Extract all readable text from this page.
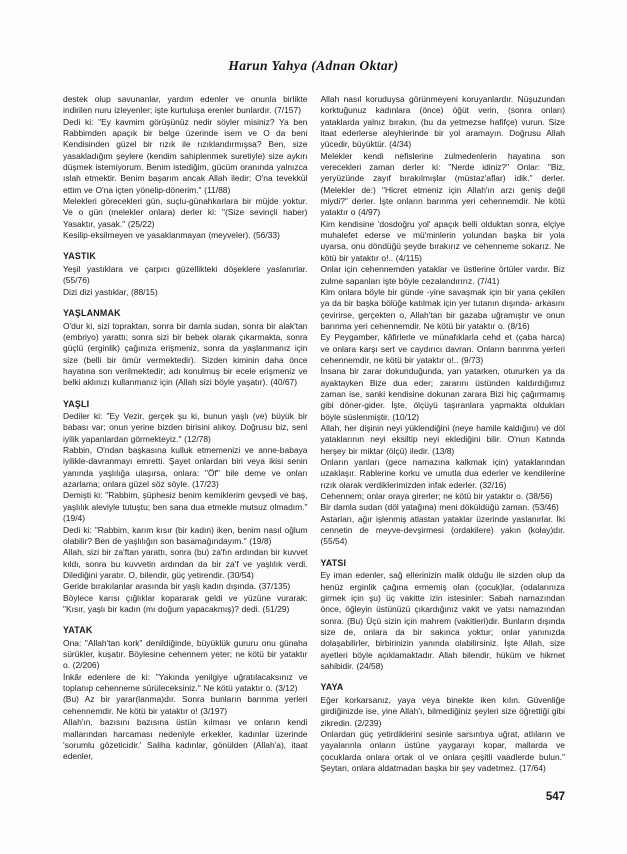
Harun Yahya (Adnan Oktar)

destek olup savunanlar, yardım edenler ve onunla birlikte indirilen nuru izleyenler; işte kurtuluşa erenler bunlardır. (7/157)

Dedi ki: "Ey kavmim görüşünüz nedir söyler misiniz? Ya ben Rabbimden apaçık bir belge üzerinde isem ve O da beni Kendisinden güzel bir rızık ile rızıklandırmışsa? Ben, size yasakladığım şeylere (kendim sahiplenmek suretiyle) size aykırı düşmek istemiyorum. Benim istediğim, gücüm oranında yalnızca ıslah etmektir. Benim başarım ancak Allah iledir; O'na tevekkül ettim ve O'na içten yönelip-dönerim." (11/88)

Melekleri görecekleri gün, suçlu-günahkarlara bir müjde yoktur. Ve o gün (melekler onlara) derler ki: "(Size sevinçli haber) Yasaktır, yasak." (25/22)

Kesilip-eksilmeyen ve yasaklanmayan (meyveler). (56/33)

YASTIK

Yeşil yastıklara ve çarpıcı güzellikteki döşeklere yaslanırlar. (55/76)

Dizi dizi yastıklar, (88/15)

YAŞLANMAK

O'dur ki, sizi topraktan, sonra bir damla sudan, sonra bir alak'tan (embriyo) yarattı; sonra sizi bir bebek olarak çıkarmakta, sonra güçlü (erginlik) çağınıza erişmeniz, sonra da yaşlanmanız için size (belli bir ömür vermektedir). Sizden kiminin daha önce hayatına son verilmektedir; adı konulmuş bir ecele erişmeniz ve belki aklınızı kullanmanız için (Allah sizi böyle yaşatır). (40/67)

YAŞLI

Dediler ki: "Ey Vezir, gerçek şu ki, bunun yaşlı (ve) büyük bir babası var; onun yerine bizden birisini alıkoy. Doğrusu biz, seni iyilik yapanlardan görmekteyiz." (12/78)

Rabbin, O'ndan başkasına kulluk etmemenizi ve anne-babaya iyilikle-davranmayı emretti. Şayet onlardan biri veya ikisi senin yanında yaşlılığa ulaşırsa, onlara: "Öf" bile deme ve onları azarlama; onlara güzel söz söyle. (17/23)

Demişti ki: "Rabbim, şüphesiz benim kemiklerim gevşedi ve baş, yaşlılık aleviyle tutuştu; ben sana dua etmekle mutsuz olmadım." (19/4)

Dedi ki: "Rabbim, karım kısır (bir kadın) iken, benim nasıl oğlum olabilir? Ben de yaşlılığın son basamağındayım." (19/8)

Allah, sizi bir za'ftan yarattı, sonra (bu) za'fın ardından bir kuvvet kıldı, sonra bu kuvvetin ardından da bir za'f ve yaşlılık verdi. Dilediğini yaratır. O, bilendir, güç yetirendir. (30/54)

Geride bırakılanlar arasında bir yaşlı kadın dışında. (37/135)

Böylece karısı çığlıklar kopararak geldi ve yüzüne vurarak: "Kısır, yaşlı bir kadın (mı doğum yapacakmış)? dedi. (51/29)

YATAK

Ona: "Allah'tan kork" denildiğinde, büyüklük gururu onu günaha sürükler, kuşatır. Böylesine cehennem yeter; ne kötü bir yataktır o. (2/206)

İnkâr edenlere de ki: "Yakında yenilgiye uğratılacaksınız ve toplanıp cehenneme sürüleceksiniz." Ne kötü yataktır o. (3/12)

(Bu) Az bir yarar(lanma)dır. Sonra bunların barınma yerleri cehennemdir. Ne kötü bir yataktır o! (3/197)

Allah'ın, bazısını bazısına üstün kılması ve onların kendi mallarından harcaması nedeniyle erkekler, kadınlar üzerinde 'sorumlu gözeticidir.' Saliha kadınlar, gönülden (Allah'a), itaat edenler,

Allah nasıl koruduysa görünmeyeni koruyanlardır. Nüşuzundan korktuğunuz kadınlara (önce) öğüt verin, (sonra onları) yataklarda yalnız bırakın, (bu da yetmezse hafifçe) vurun. Size itaat ederlerse aleyhlerinde bir yol aramayın. Doğrusu Allah yücedir, büyüktür. (4/34)

Melekler kendi nefislerine zulmedenlerin hayatına son verecekleri zaman derler ki: "Nerde idiniz?" Onlar: "Biz, yeryüzünde zayıf bırakılmışlar (müstaz'aflar) idik." derler. (Melekler de:) "Hicret etmeniz için Allah'ın arzı geniş değil miydi?" derler. İşte onların barınma yeri cehennemdir. Ne kötü yataktır o (4/97)

Kim kendisine 'dosdoğru yol' apaçık belli olduktan sonra, elçiye muhalefet ederse ve mü'minlerin yolundan başka bir yola uyarsa, onu döndüğü şeyde bırakırız ve cehenneme sokarız. Ne kötü bir yataktır o!.. (4/115)

Onlar için cehennemden yataklar ve üstlerine örtüler vardır. Biz zulme sapanları işte böyle cezalandırırız. (7/41)

Kim onlara böyle bir günde -yine savaşmak için bir yana çekilen ya da bir başka bölüğe katılmak için yer tutanın dışında- arkasını çevirirse, gerçekten o, Allah'tan bir gazaba uğramıştır ve onun barınma yeri cehennemdir. Ne kötü bir yataktır o. (8/16)

Ey Peygamber, kâfirlerle ve münafıklarla cehd et (çaba harca) ve onlara karşı sert ve caydırıcı davran. Onların barınma yerleri cehennemdir, ne kötü bir yataktır o!.. (9/73)

İnsana bir zarar dokunduğunda, yan yatarken, otururken ya da ayaktayken Bize dua eder; zararını üstünden kaldırdığımız zaman ise, sanki kendisine dokunan zarara Bizi hiç çağırmamış gibi döner-gider. İşte, ölçüyü taşıranlara yapmakta oldukları böyle süslenmiştir. (10/12)

Allah, her dişinin neyi yüklendiğini (neye hamile kaldığını) ve döl yataklarının neyi eksiltip neyi eklediğini bilir. O'nun Katında herşey bir miktar (ölçü) iledir. (13/8)

Onların yanları (gece namazına kalkmak için) yataklarından uzaklaşır. Rablerine korku ve umutla dua ederler ve kendilerine rızık olarak verdiklerimizden infak ederler. (32/16)

Cehennem; onlar oraya girerler; ne kötü bir yataktır o. (38/56)

Bir damla sudan (döl yatağına) meni döküldüğü zaman. (53/46)

Astarları, ağır işlenmiş atlastan yataklar üzerinde yaslanırlar. İki cennetin de meyve-devşirmesi (ordakilere) yakın (kolay)dır. (55/54)

YATSI

Ey iman edenler, sağ ellerinizin malik olduğu ile sizden olup da henüz erginlik çağına ermemiş olan (çocuk)lar, (odalarınıza girmek için şu) üç vakitte izin istesinler: Sabah namazından önce, öğleyin üstünüzü çıkardığınız vakit ve yatsı namazından sonra. (Bu) Üçü sizin için mahrem (vakitleri)dir. Bunların dışında size de, onlara da bir sakınca yoktur; onlar yanınızda dolaşabilirler, birbirinizin yanında olabilirsiniz. İşte Allah, size ayetleri böyle açıklamaktadır. Allah bilendir, hüküm ve hikmet sahibidir. (24/58)

YAYA

Eğer korkarsanız, yaya veya binekte iken kılın. Güvenliğe girdiğinizde ise, yine Allah'ı, bilmediğiniz şeyleri size öğrettiği gibi zikredin. (2/239)

Onlardan güç yetirdiklerini sesinle sarsıntıya uğrat, atlıların ve yayalarınla onların üstüne yaygarayı kopar, mallarda ve çocuklarda onlara ortak ol ve onlara çeşitli vaadlerde bulun." Şeytan, onlara aldatmadan başka bir şey vadetmez. (17/64)

547
